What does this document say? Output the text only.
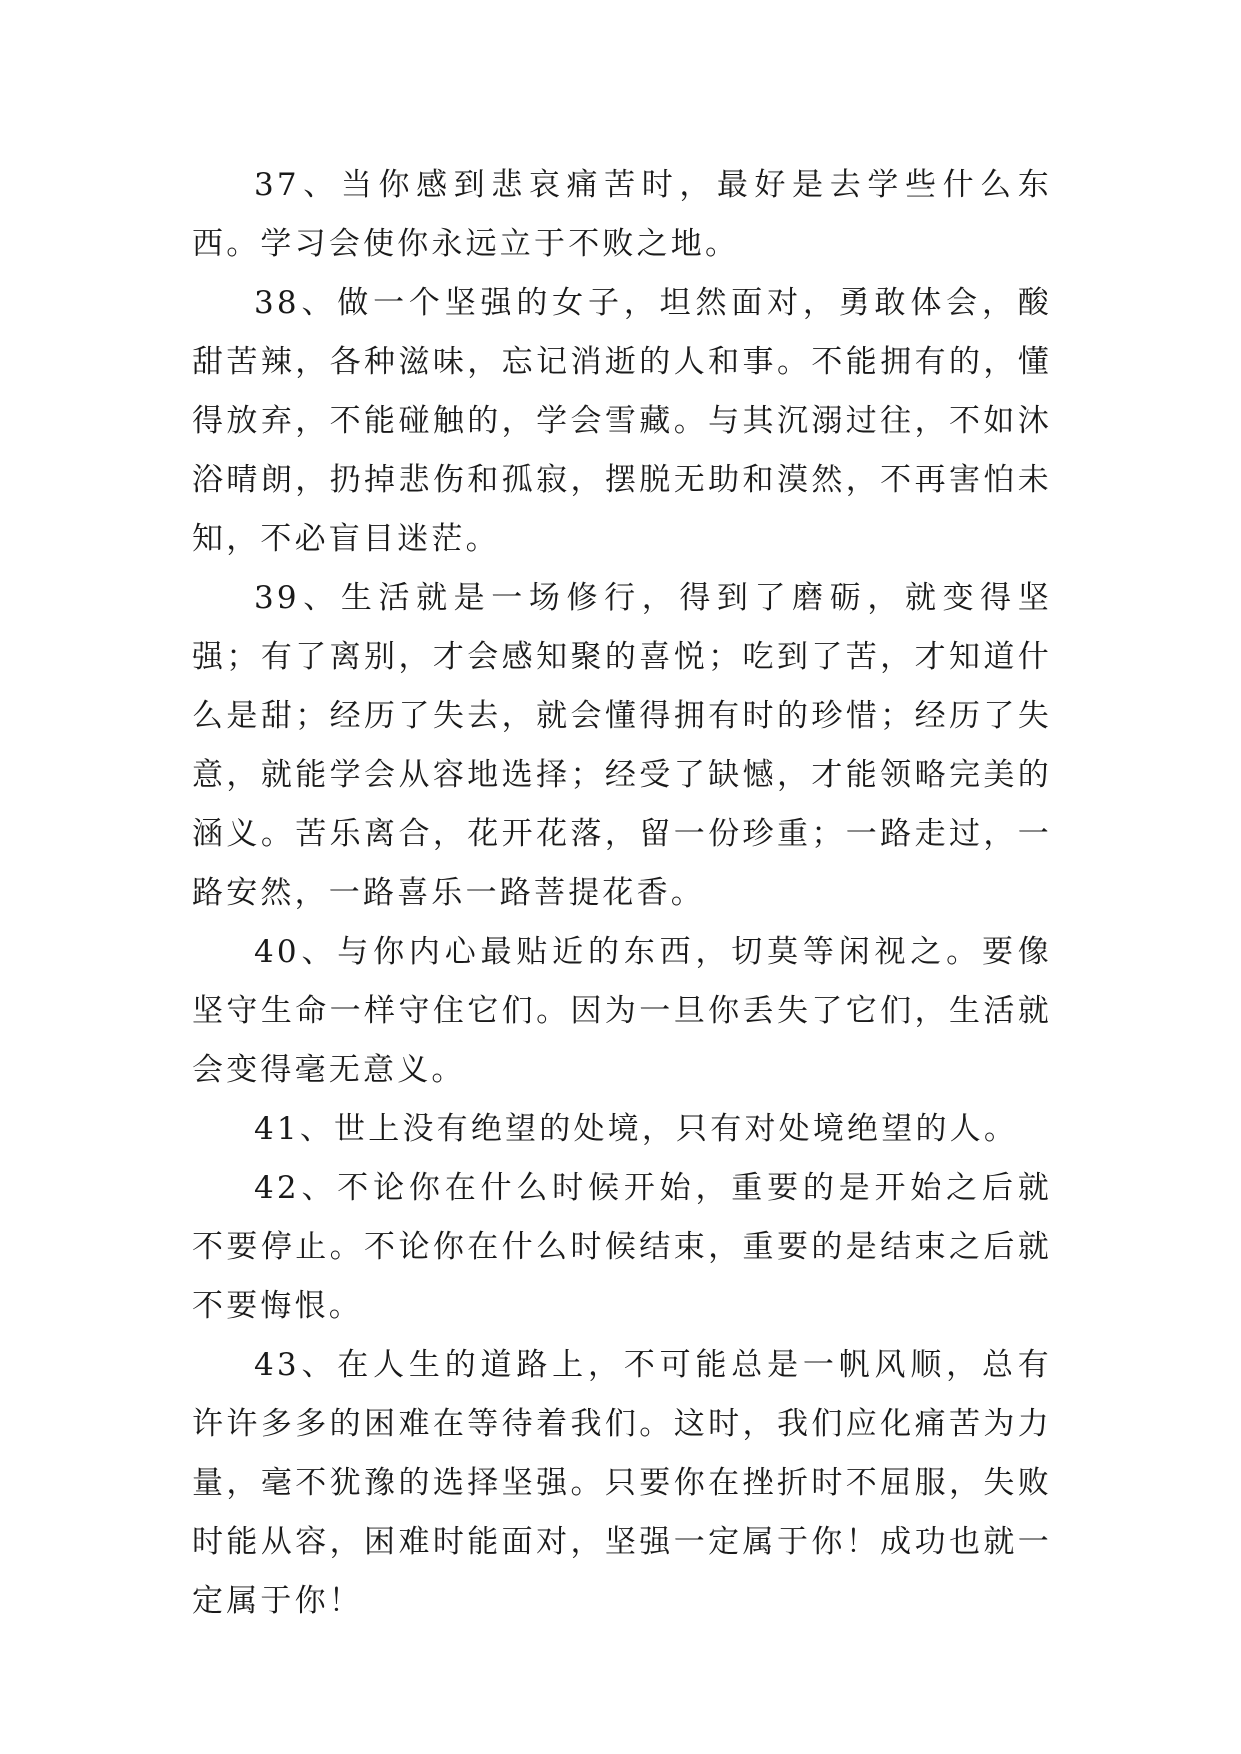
37、当你感到悲哀痛苦时，最好是去学些什么东西。学习会使你永远立于不败之地。

38、做一个坚强的女子，坦然面对，勇敢体会，酸甜苦辣，各种滋味，忘记消逝的人和事。不能拥有的，懂得放弃，不能碰触的，学会雪藏。与其沉溺过往，不如沐浴晴朗，扔掉悲伤和孤寂，摆脱无助和漠然，不再害怕未知，不必盲目迷茫。

39、生活就是一场修行，得到了磨砺，就变得坚强；有了离别，才会感知聚的喜悦；吃到了苦，才知道什么是甜；经历了失去，就会懂得拥有时的珍惜；经历了失意，就能学会从容地选择；经受了缺憾，才能领略完美的涵义。苦乐离合，花开花落，留一份珍重；一路走过，一路安然，一路喜乐一路菩提花香。

40、与你内心最贴近的东西，切莫等闲视之。要像坚守生命一样守住它们。因为一旦你丢失了它们，生活就会变得毫无意义。

41、世上没有绝望的处境，只有对处境绝望的人。

42、不论你在什么时候开始，重要的是开始之后就不要停止。不论你在什么时候结束，重要的是结束之后就不要悔恨。

43、在人生的道路上，不可能总是一帆风顺，总有许许多多的困难在等待着我们。这时，我们应化痛苦为力量，毫不犹豫的选择坚强。只要你在挫折时不屈服，失败时能从容，困难时能面对，坚强一定属于你！成功也就一定属于你！
